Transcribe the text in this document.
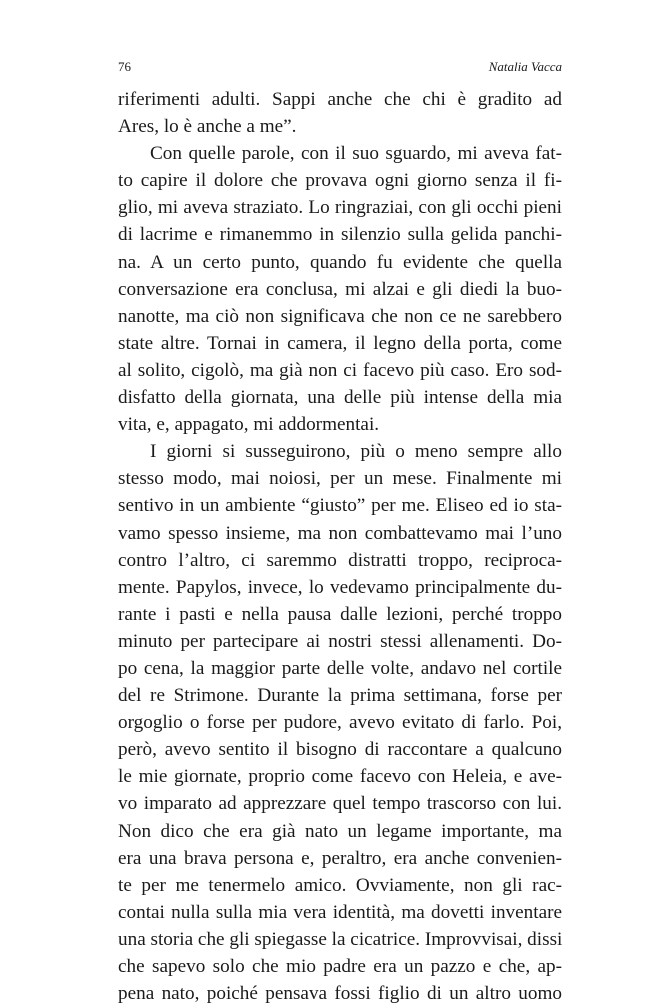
76	Natalia Vacca
riferimenti adulti. Sappi anche che chi è gradito ad
Ares, lo è anche a me”.
Con quelle parole, con il suo sguardo, mi aveva fat-
to capire il dolore che provava ogni giorno senza il fi-
glio, mi aveva straziato. Lo ringraziai, con gli occhi pieni
di lacrime e rimanemmo in silenzio sulla gelida panchi-
na. A un certo punto, quando fu evidente che quella
conversazione era conclusa, mi alzai e gli diedi la buo-
nanotte, ma ciò non significava che non ce ne sarebbero
state altre. Tornai in camera, il legno della porta, come
al solito, cigolò, ma già non ci facevo più caso. Ero sod-
disfatto della giornata, una delle più intense della mia
vita, e, appagato, mi addormentai.
I giorni si susseguirono, più o meno sempre allo
stesso modo, mai noiosi, per un mese. Finalmente mi
sentivo in un ambiente “giusto” per me. Eliseo ed io sta-
vamo spesso insieme, ma non combattevamo mai l’uno
contro l’altro, ci saremmo distratti troppo, reciproca-
mente. Papylos, invece, lo vedevamo principalmente du-
rante i pasti e nella pausa dalle lezioni, perché troppo
minuto per partecipare ai nostri stessi allenamenti. Do-
po cena, la maggior parte delle volte, andavo nel cortile
del re Strimone. Durante la prima settimana, forse per
orgoglio o forse per pudore, avevo evitato di farlo. Poi,
però, avevo sentito il bisogno di raccontare a qualcuno
le mie giornate, proprio come facevo con Heleia, e ave-
vo imparato ad apprezzare quel tempo trascorso con lui.
Non dico che era già nato un legame importante, ma
era una brava persona e, peraltro, era anche convenien-
te per me tenermelo amico. Ovviamente, non gli rac-
contai nulla sulla mia vera identità, ma dovetti inventare
una storia che gli spiegasse la cicatrice. Improvvisai, dissi
che sapevo solo che mio padre era un pazzo e che, ap-
pena nato, poiché pensava fossi figlio di un altro uomo
